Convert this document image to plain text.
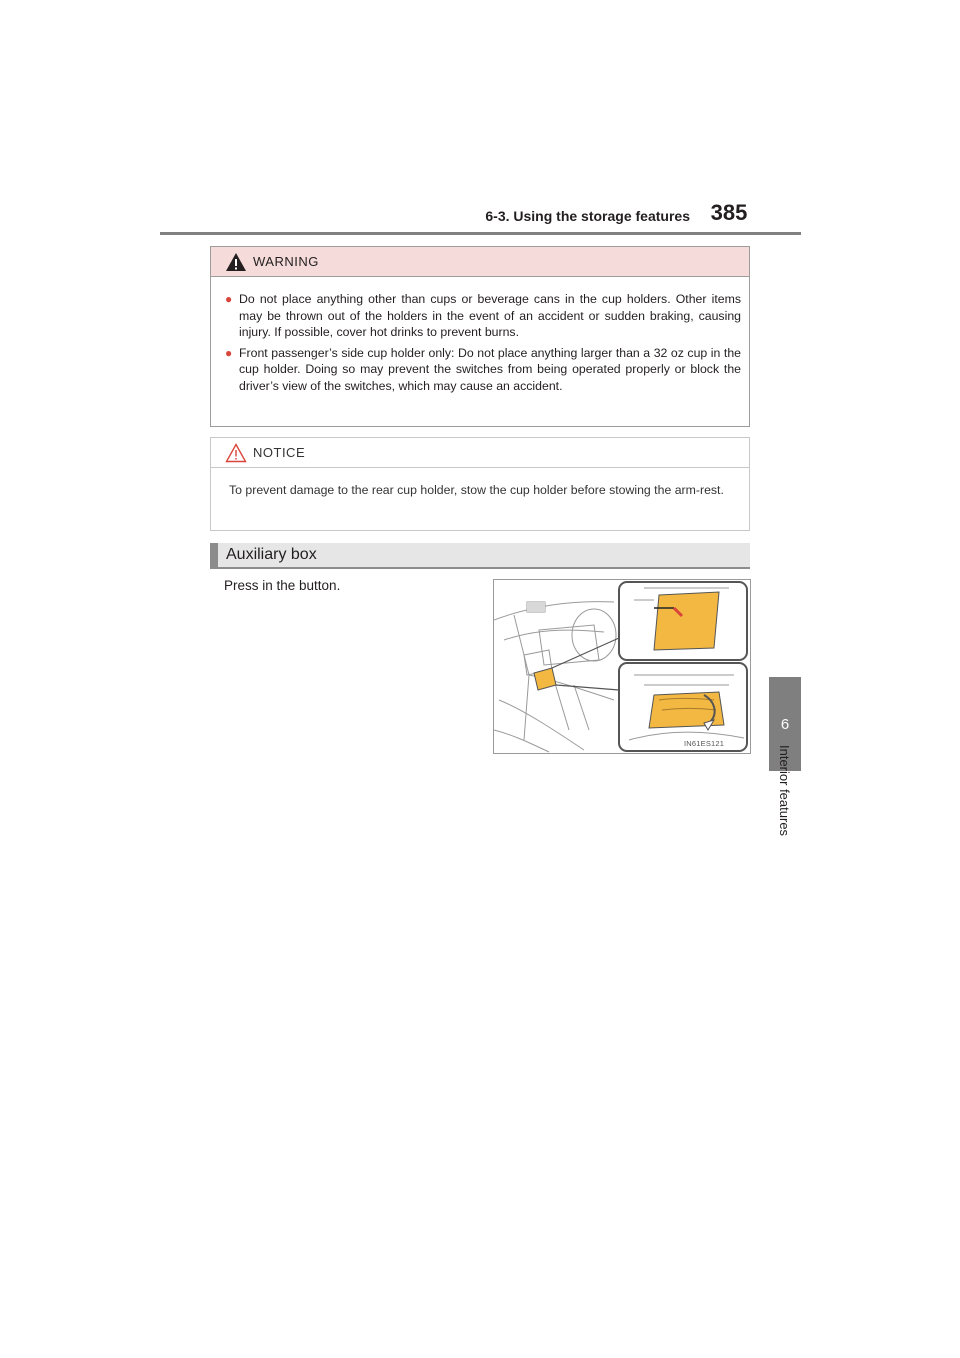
6-3. Using the storage features 385
6
Interior features
WARNING
● Do not place anything other than cups or beverage cans in the cup holders. Other items may be thrown out of the holders in the event of an accident or sudden braking, causing injury. If possible, cover hot drinks to prevent burns.
● Front passenger’s side cup holder only: Do not place anything larger than a 32 oz cup in the cup holder. Doing so may prevent the switches from being operated properly or block the driver’s view of the switches, which may cause an accident.
NOTICE
To prevent damage to the rear cup holder, stow the cup holder before stowing the arm-rest.
Auxiliary box
Press in the button.
IN61ES121
